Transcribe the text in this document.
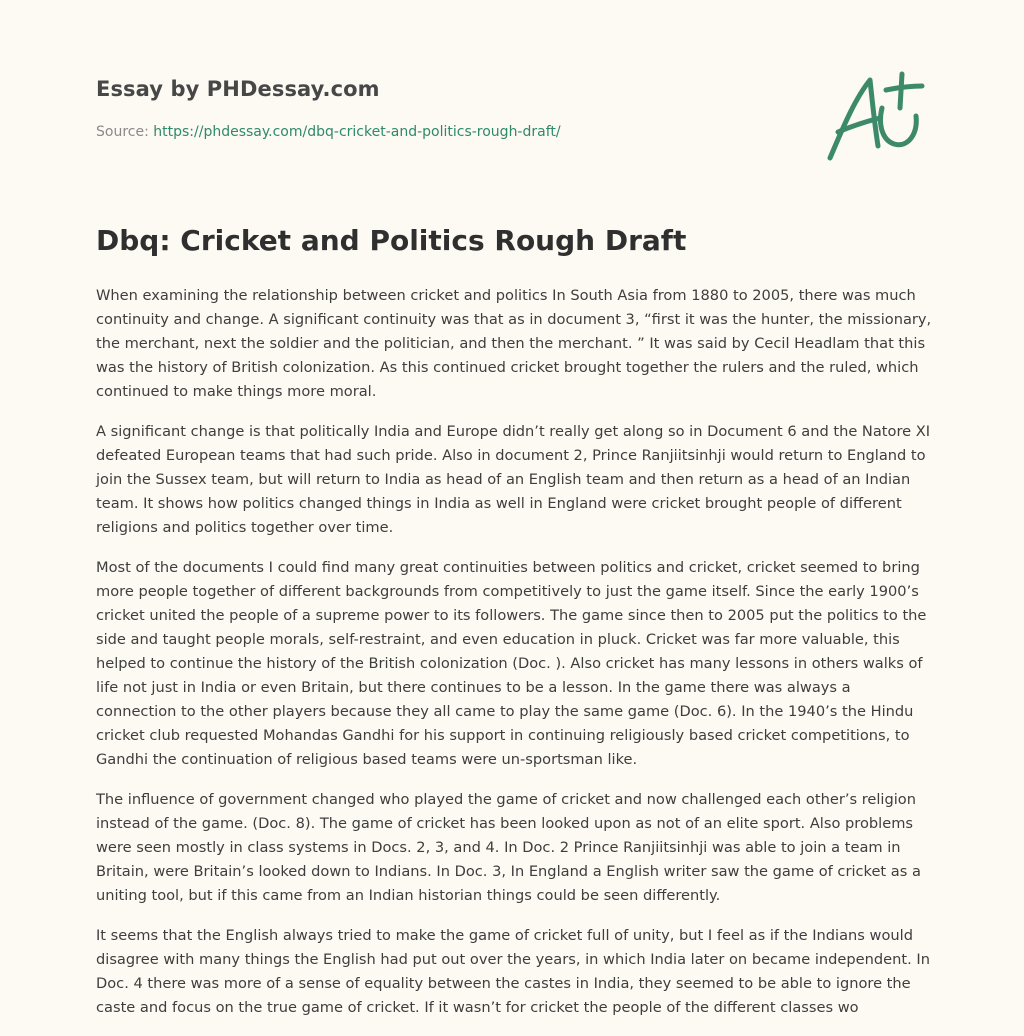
Essay by PHDessay.com
Source: https://phdessay.com/dbq-cricket-and-politics-rough-draft/
Dbq: Cricket and Politics Rough Draft

When examining the relationship between cricket and politics In South Asia from 1880 to 2005, there was much continuity and change. A significant continuity was that as in document 3, “first it was the hunter, the missionary, the merchant, next the soldier and the politician, and then the merchant. ” It was said by Cecil Headlam that this was the history of British colonization. As this continued cricket brought together the rulers and the ruled, which continued to make things more moral.

A significant change is that politically India and Europe didn’t really get along so in Document 6 and the Natore XI defeated European teams that had such pride. Also in document 2, Prince Ranjiitsinhji would return to England to join the Sussex team, but will return to India as head of an English team and then return as a head of an Indian team. It shows how politics changed things in India as well in England were cricket brought people of different religions and politics together over time.

Most of the documents I could find many great continuities between politics and cricket, cricket seemed to bring more people together of different backgrounds from competitively to just the game itself. Since the early 1900’s cricket united the people of a supreme power to its followers. The game since then to 2005 put the politics to the side and taught people morals, self-restraint, and even education in pluck. Cricket was far more valuable, this helped to continue the history of the British colonization (Doc. ). Also cricket has many lessons in others walks of life not just in India or even Britain, but there continues to be a lesson. In the game there was always a connection to the other players because they all came to play the same game (Doc. 6). In the 1940’s the Hindu cricket club requested Mohandas Gandhi for his support in continuing religiously based cricket competitions, to Gandhi the continuation of religious based teams were un-sportsman like.

The influence of government changed who played the game of cricket and now challenged each other’s religion instead of the game. (Doc. 8). The game of cricket has been looked upon as not of an elite sport. Also problems were seen mostly in class systems in Docs. 2, 3, and 4. In Doc. 2 Prince Ranjiitsinhji was able to join a team in Britain, were Britain’s looked down to Indians. In Doc. 3, In England a English writer saw the game of cricket as a uniting tool, but if this came from an Indian historian things could be seen differently.

It seems that the English always tried to make the game of cricket full of unity, but I feel as if the Indians would disagree with many things the English had put out over the years, in which India later on became independent. In Doc. 4 there was more of a sense of equality between the castes in India, they seemed to be able to ignore the caste and focus on the true game of cricket. If it wasn’t for cricket the people of the different classes wo
